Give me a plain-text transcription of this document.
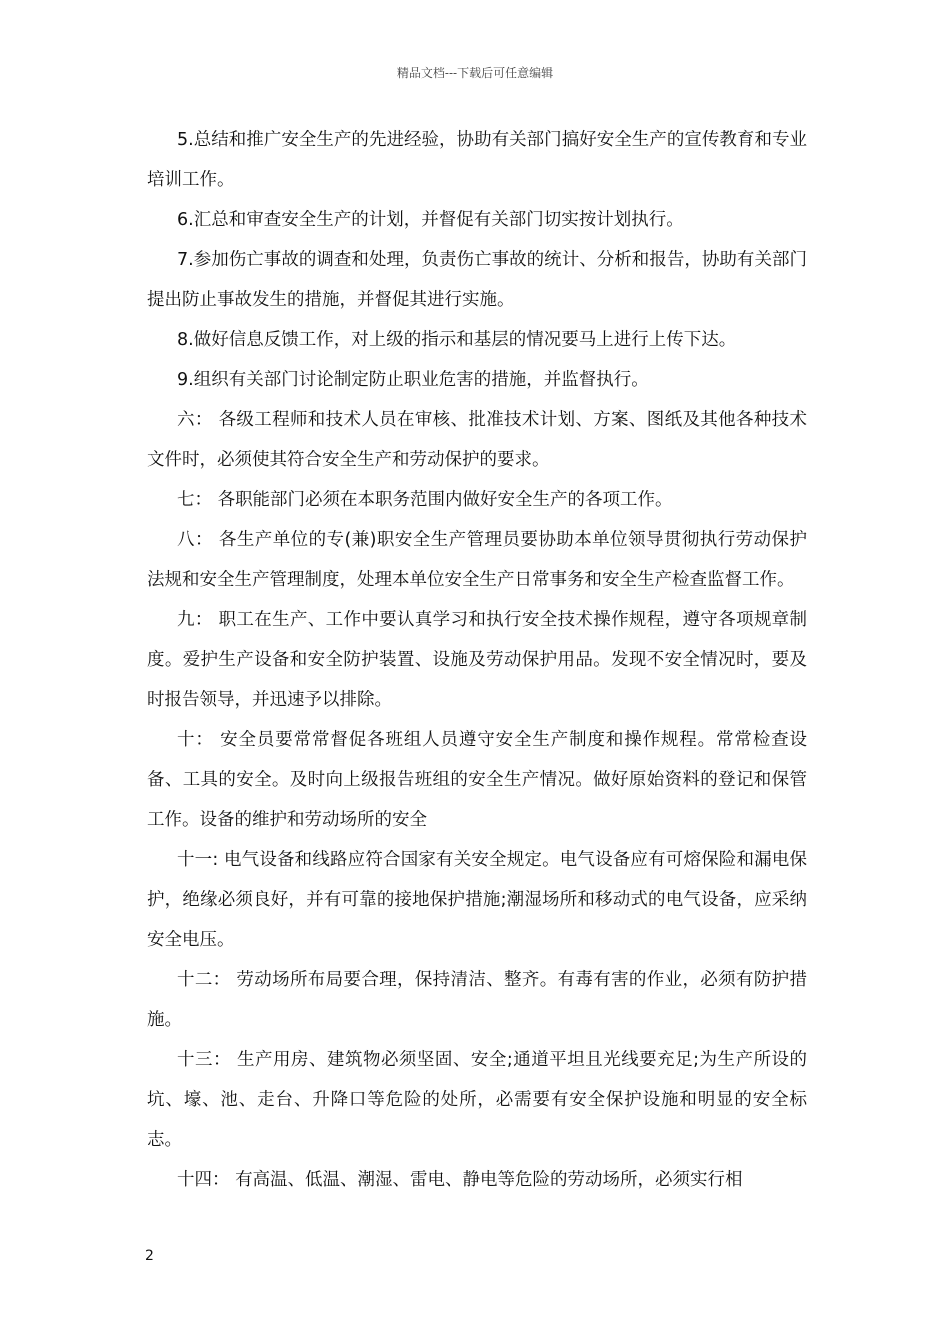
精品文档---下载后可任意编辑

5.总结和推广安全生产的先进经验，协助有关部门搞好安全生产的宣传教育和专业培训工作。

6.汇总和审查安全生产的计划，并督促有关部门切实按计划执行。

7.参加伤亡事故的调查和处理，负责伤亡事故的统计、分析和报告，协助有关部门提出防止事故发生的措施，并督促其进行实施。

8.做好信息反馈工作，对上级的指示和基层的情况要马上进行上传下达。

9.组织有关部门讨论制定防止职业危害的措施，并监督执行。

六： 各级工程师和技术人员在审核、批准技术计划、方案、图纸及其他各种技术文件时，必须使其符合安全生产和劳动保护的要求。

七： 各职能部门必须在本职务范围内做好安全生产的各项工作。

八： 各生产单位的专(兼)职安全生产管理员要协助本单位领导贯彻执行劳动保护法规和安全生产管理制度，处理本单位安全生产日常事务和安全生产检查监督工作。

九： 职工在生产、工作中要认真学习和执行安全技术操作规程，遵守各项规章制度。爱护生产设备和安全防护装置、设施及劳动保护用品。发现不安全情况时，要及时报告领导，并迅速予以排除。

十： 安全员要常常督促各班组人员遵守安全生产制度和操作规程。常常检查设备、工具的安全。及时向上级报告班组的安全生产情况。做好原始资料的登记和保管工作。设备的维护和劳动场所的安全

十一: 电气设备和线路应符合国家有关安全规定。电气设备应有可熔保险和漏电保护，绝缘必须良好，并有可靠的接地保护措施;潮湿场所和移动式的电气设备，应采纳安全电压。

十二： 劳动场所布局要合理，保持清洁、整齐。有毒有害的作业，必须有防护措施。

十三： 生产用房、建筑物必须坚固、安全;通道平坦且光线要充足;为生产所设的坑、壕、池、走台、升降口等危险的处所，必需要有安全保护设施和明显的安全标志。

十四： 有高温、低温、潮湿、雷电、静电等危险的劳动场所，必须实行相

2
